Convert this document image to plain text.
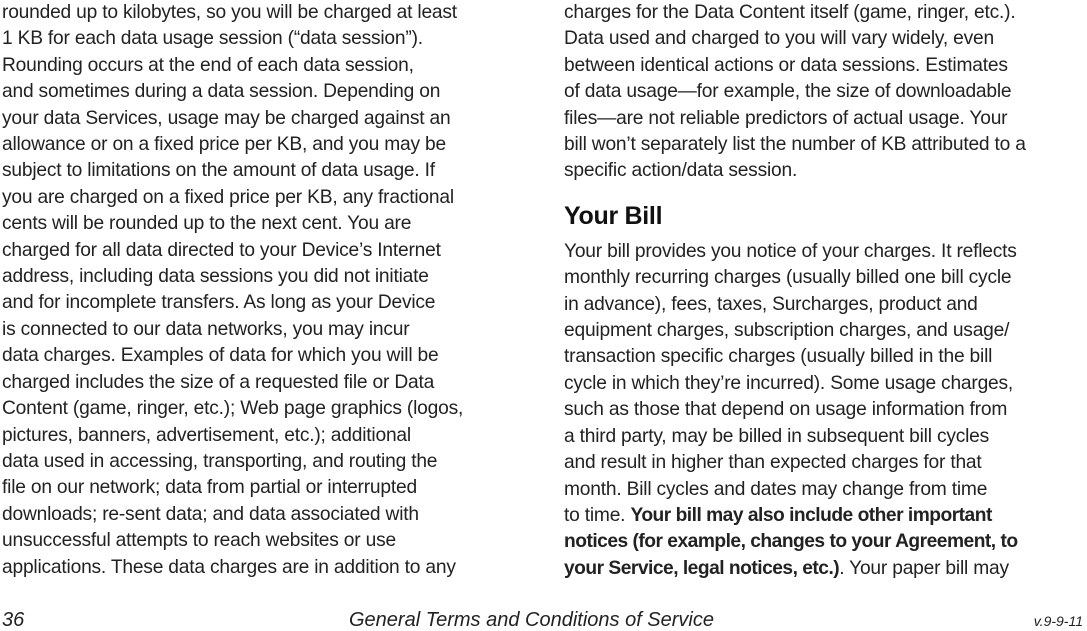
rounded up to kilobytes, so you will be charged at least
1 KB for each data usage session (“data session”).
Rounding occurs at the end of each data session,
and sometimes during a data session. Depending on
your data Services, usage may be charged against an
allowance or on a fixed price per KB, and you may be
subject to limitations on the amount of data usage. If
you are charged on a fixed price per KB, any fractional
cents will be rounded up to the next cent. You are
charged for all data directed to your Device’s Internet
address, including data sessions you did not initiate
and for incomplete transfers. As long as your Device
is connected to our data networks, you may incur
data charges. Examples of data for which you will be
charged includes the size of a requested file or Data
Content (game, ringer, etc.); Web page graphics (logos,
pictures, banners, advertisement, etc.); additional
data used in accessing, transporting, and routing the
file on our network; data from partial or interrupted
downloads; re-sent data; and data associated with
unsuccessful attempts to reach websites or use
applications. These data charges are in addition to any
charges for the Data Content itself (game, ringer, etc.).
Data used and charged to you will vary widely, even
between identical actions or data sessions. Estimates
of data usage—for example, the size of downloadable
files—are not reliable predictors of actual usage. Your
bill won’t separately list the number of KB attributed to a
specific action/data session.
Your Bill
Your bill provides you notice of your charges. It reflects
monthly recurring charges (usually billed one bill cycle
in advance), fees, taxes, Surcharges, product and
equipment charges, subscription charges, and usage/
transaction specific charges (usually billed in the bill
cycle in which they’re incurred). Some usage charges,
such as those that depend on usage information from
a third party, may be billed in subsequent bill cycles
and result in higher than expected charges for that
month. Bill cycles and dates may change from time
to time. Your bill may also include other important
notices (for example, changes to your Agreement, to
your Service, legal notices, etc.). Your paper bill may
36	General Terms and Conditions of Service	v.9-9-11
